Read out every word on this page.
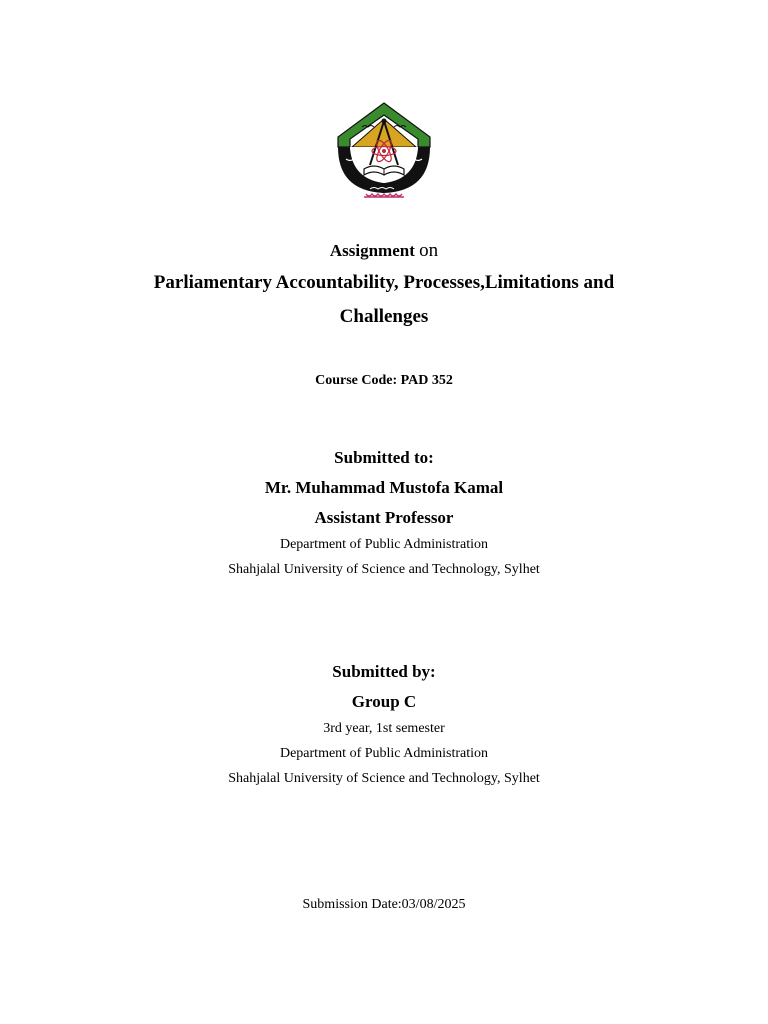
Assignment on
Parliamentary Accountability, Processes,Limitations and
Challenges
Course Code: PAD 352
Submitted to:
Mr. Muhammad Mustofa Kamal
Assistant Professor
Department of Public Administration
Shahjalal University of Science and Technology, Sylhet
Submitted by:
Group C
3rd year, 1st semester
Department of Public Administration
Shahjalal University of Science and Technology, Sylhet
Submission Date:03/08/2025
